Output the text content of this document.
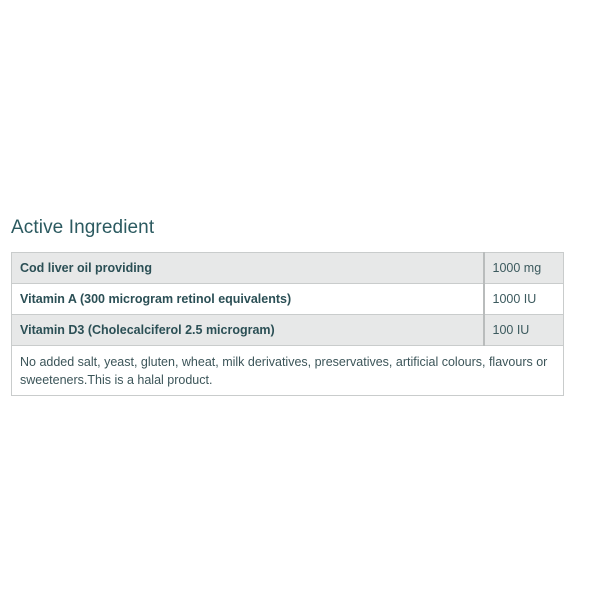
Active Ingredient
Cod liver oil providing	1000 mg
Vitamin A (300 microgram retinol equivalents)	1000 IU
Vitamin D3 (Cholecalciferol 2.5 microgram)	100 IU
No added salt, yeast, gluten, wheat, milk derivatives, preservatives, artificial colours, flavours or sweeteners.This is a halal product.	
